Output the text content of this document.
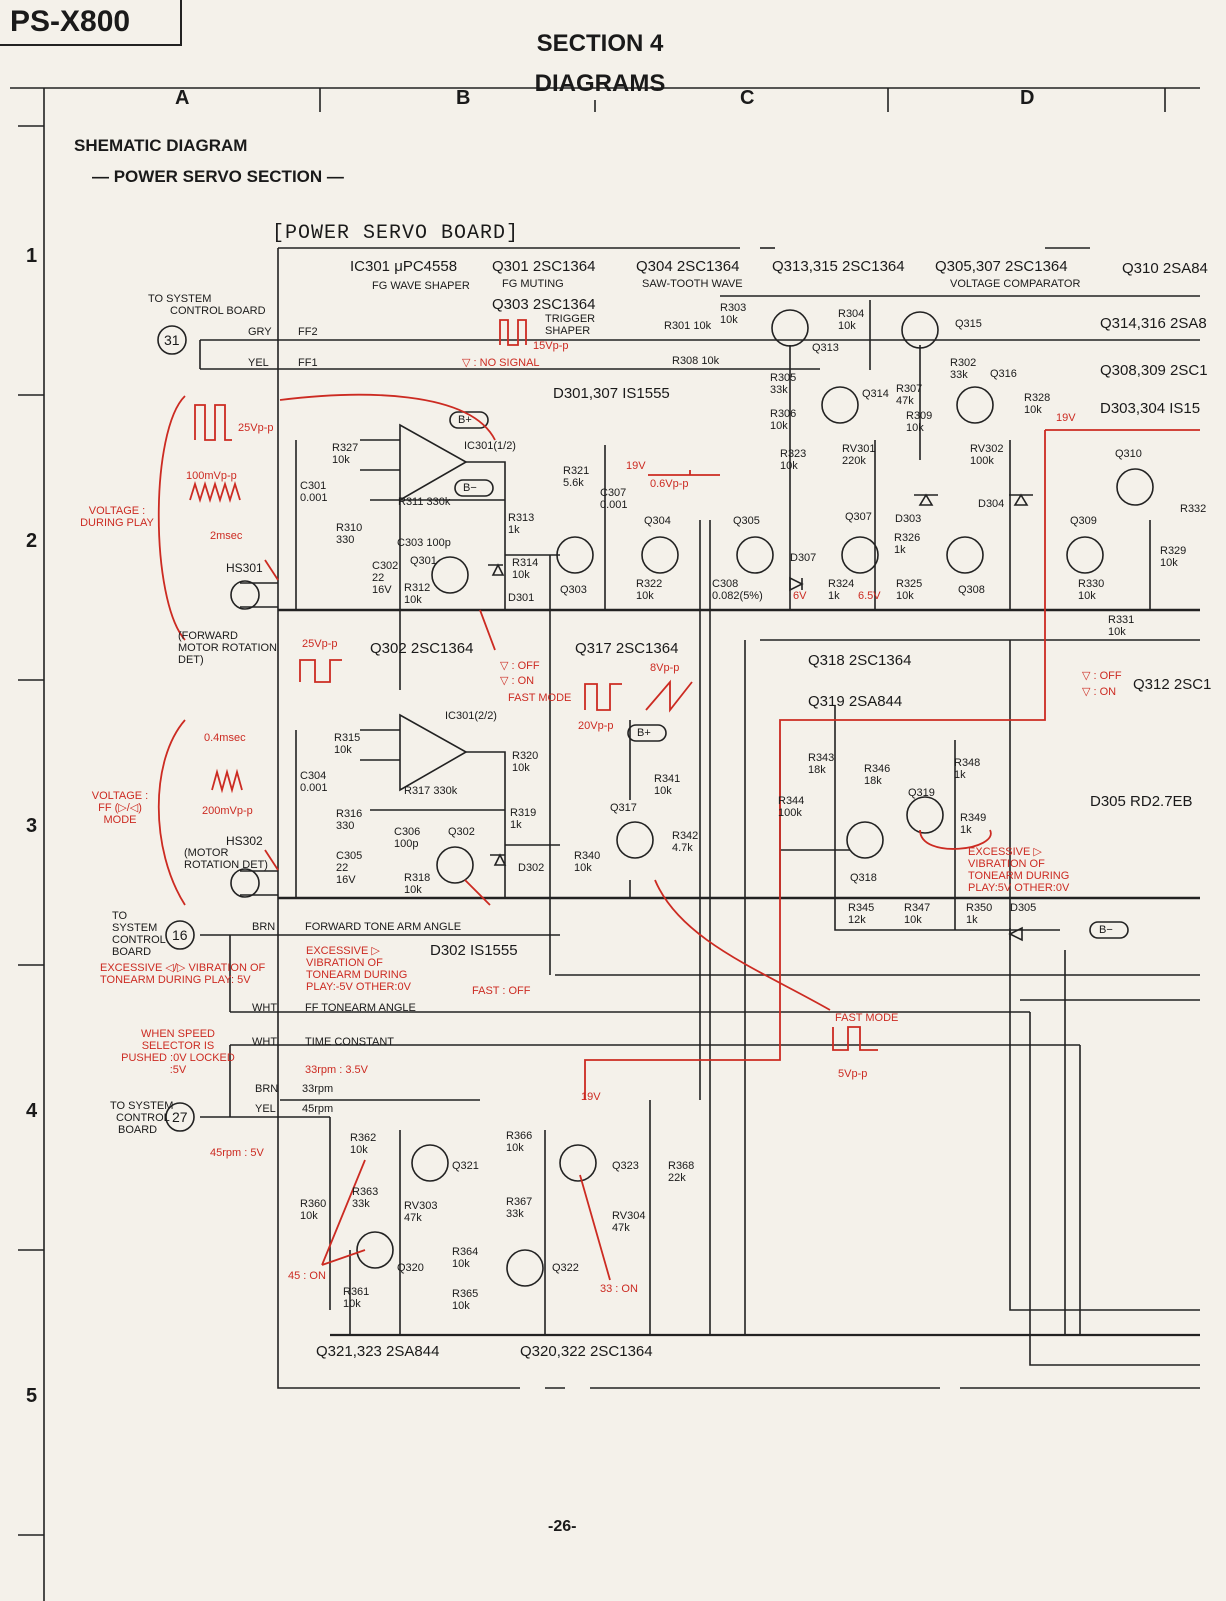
PS-X800
SECTION 4
DIAGRAMS
A	B	C	D
1
2
3
4
5
SHEMATIC DIAGRAM
— POWER SERVO SECTION —
[POWER SERVO BOARD]
IC301 μPC4558
FG WAVE SHAPER
Q301 2SC1364
FG MUTING
Q303 2SC1364
TRIGGER SHAPER
Q304 2SC1364
SAW-TOOTH WAVE
Q313,315 2SC1364 Q305,307 2SC1364
VOLTAGE COMPARATOR
Q310 2SA84
Q314,316 2SA8
Q308,309 2SC1
D303,304 IS15
D301,307 IS1555
Q302 2SC1364	Q317 2SC1364
Q318 2SC1364
Q319 2SA844
Q312 2SC1
D305 RD2.7EB
D302 IS1555
Q321,323 2SA844	Q320,322 2SC1364
TO SYSTEM
CONTROL BOARD
31	GRY
YEL
FF2
FF1
TO SYSTEM CONTROL BOARD
16	BRN	FORWARD TONE ARM ANGLE
WHT	FF TONEARM ANGLE
WHT	TIME CONSTANT
BRN 33rpm
YEL 45rpm
TO SYSTEM
CONTROL
BOARD
27
HS301
(FORWARD MOTOR ROTATION DET)
HS302
(MOTOR ROTATION DET)
25Vp-p
100mVp-p
2msec
VOLTAGE : DURING PLAY
0.4msec
200mVp-p
VOLTAGE : FF (▷/◁) MODE
▽ : NO SIGNAL
15Vp-p
19V
0.6Vp-p
▽ : OFF
▽ : ON
FAST MODE
25Vp-p
20Vp-p
8Vp-p
6V	6.5V
19V
EXCESSIVE ▷ VIBRATION OF TONEARM DURING PLAY:5V OTHER:0V
EXCESSIVE ▷ VIBRATION OF TONEARM DURING PLAY:-5V OTHER:0V
EXCESSIVE ◁/▷ VIBRATION OF TONEARM DURING PLAY: 5V
FAST : OFF
FAST MODE
5Vp-p
WHEN SPEED SELECTOR IS PUSHED :0V LOCKED :5V	33rpm : 3.5V
45rpm : 5V
45 : ON
33 : ON
19V
▽ : OFF
▽ : ON
R301 10k
R303 10k
R308 10k
R304 10k
R305 33k
R306 10k
R307 47k
R309 10k
R302 33k
R328 10k
R327 10k
R310 330
C301 0.001	R311 330k
C303 100p
R313 1k
R314 10k
C302 22 16V	R312 10k
R321 5.6k
C307 0.001
R323 10k
RV301 220k
RV302 100k
R322 10k
C308 0.082(5%)
R324 1k
R325 10k
R326 1k	R329 10k
R330 10k
R331 10k
R332
R315 10k
C304 0.001
R316 330
R317 330k
C306 100p
C305 22 16V	R318 10k
R319 1k
R320 10k
R340 10k
R341 10k
R342 4.7k
R343 18k
R344 100k
R346 18k
R348 1k
R349 1k
R345 12k
R347 10k
R350 1k
R362 10k
R363 33k	RV303 47k
R360 10k
R361 10k
R366 10k
R367 33k	RV304 47k
R368 22k
R364 10k
R365 10k
B+
B−
B+
B−
IC301(1/2)
IC301(2/2)
Q301
Q302
Q303
Q304	Q305	Q307
Q308
Q309
Q310
Q313
Q314
Q315
Q316
Q317
Q318
Q319
Q320
Q321
Q322
Q323
D301
D302
D303
D304
D305
D307
-26-
